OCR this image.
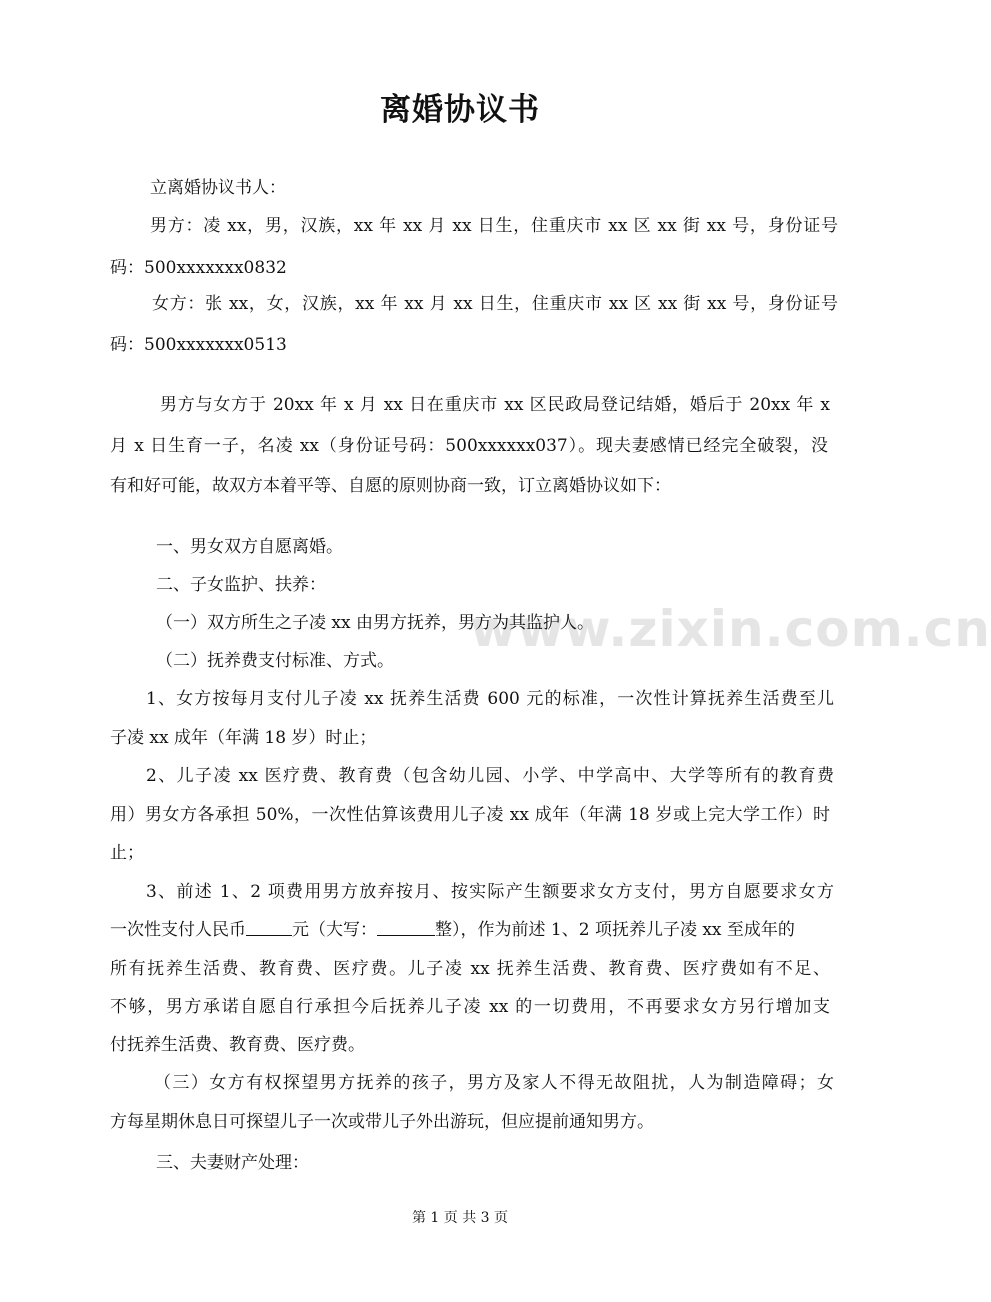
www.zixin.com.cn
离婚协议书
立离婚协议书人：
男方：凌 xx，男，汉族，xx 年 xx 月 xx 日生，住重庆市 xx 区 xx 街 xx 号，身份证号
码：500xxxxxxx0832
女方：张 xx，女，汉族，xx 年 xx 月 xx 日生，住重庆市 xx 区 xx 街 xx 号，身份证号
码：500xxxxxxx0513
男方与女方于 20xx 年 x 月 xx 日在重庆市 xx 区民政局登记结婚，婚后于 20xx 年 x
月 x 日生育一子，名凌 xx（身份证号码：500xxxxxx037）。现夫妻感情已经完全破裂，没
有和好可能，故双方本着平等、自愿的原则协商一致，订立离婚协议如下：
一、男女双方自愿离婚。
二、子女监护、扶养：
（一）双方所生之子凌 xx 由男方抚养，男方为其监护人。
（二）抚养费支付标准、方式。
1、女方按每月支付儿子凌 xx 抚养生活费 600 元的标准，一次性计算抚养生活费至儿
子凌 xx 成年（年满 18 岁）时止；
2、儿子凌 xx 医疗费、教育费（包含幼儿园、小学、中学高中、大学等所有的教育费
用）男女方各承担 50%，一次性估算该费用儿子凌 xx 成年（年满 18 岁或上完大学工作）时
止；
3、前述 1、2 项费用男方放弃按月、按实际产生额要求女方支付，男方自愿要求女方
一次性支付人民币	元（大写：	整），作为前述 1、2 项抚养儿子凌 xx 至成年的
所有抚养生活费、教育费、医疗费。儿子凌 xx 抚养生活费、教育费、医疗费如有不足、
不够，男方承诺自愿自行承担今后抚养儿子凌 xx 的一切费用，不再要求女方另行增加支
付抚养生活费、教育费、医疗费。
（三）女方有权探望男方抚养的孩子，男方及家人不得无故阻扰，人为制造障碍；女
方每星期休息日可探望儿子一次或带儿子外出游玩，但应提前通知男方。
三、夫妻财产处理：
第 1 页 共 3 页
